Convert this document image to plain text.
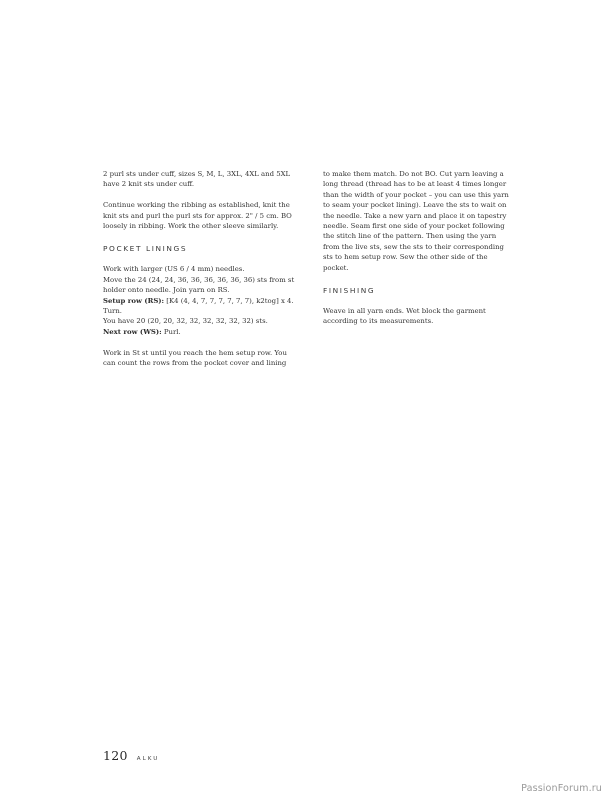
2 purl sts under cuff, sizes S, M, L, 3XL, 4XL and 5XL
have 2 knit sts under cuff.

Continue working the ribbing as established, knit the
knit sts and purl the purl sts for approx. 2" / 5 cm. BO
loosely in ribbing. Work the other sleeve similarly.

POCKET LININGS

Work with larger (US 6 / 4 mm) needles.
Move the 24 (24, 24, 36, 36, 36, 36, 36, 36) sts from st
holder onto needle. Join yarn on RS.
Setup row (RS): [K4 (4, 4, 7, 7, 7, 7, 7, 7), k2tog] x 4. Turn.
You have 20 (20, 20, 32, 32, 32, 32, 32, 32) sts.
Next row (WS): Purl.

Work in St st until you reach the hem setup row. You
can count the rows from the pocket cover and lining

to make them match. Do not BO. Cut yarn leaving a
long thread (thread has to be at least 4 times longer
than the width of your pocket – you can use this yarn
to seam your pocket lining). Leave the sts to wait on
the needle. Take a new yarn and place it on tapestry
needle. Seam first one side of your pocket following
the stitch line of the pattern. Then using the yarn
from the live sts, sew the sts to their corresponding
sts to hem setup row. Sew the other side of the
pocket.

FINISHING

Weave in all yarn ends. Wet block the garment
according to its measurements.

120 ALKU
PassionForum.ru
